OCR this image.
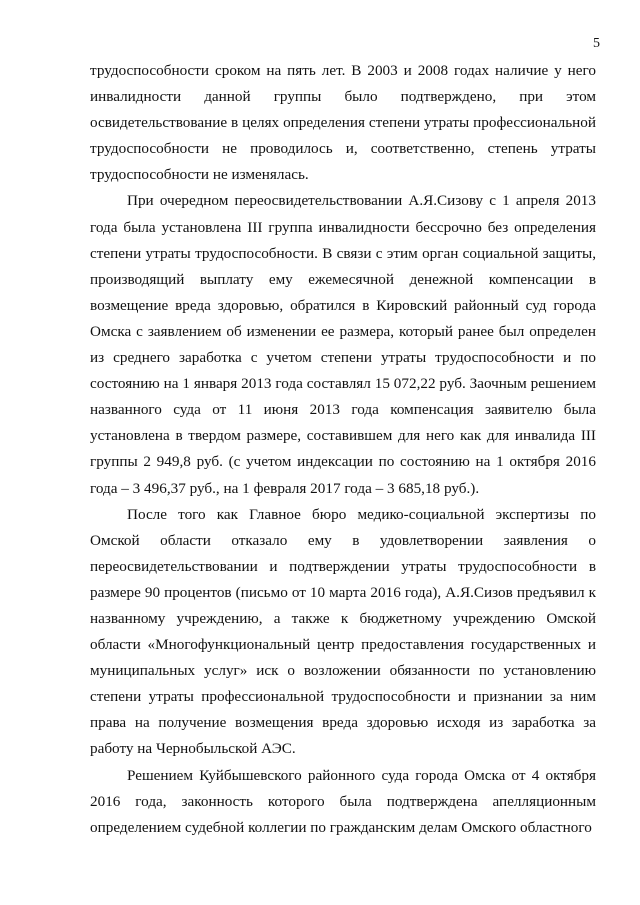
5

трудоспособности сроком на пять лет. В 2003 и 2008 годах наличие у него инвалидности данной группы было подтверждено, при этом освидетельствование в целях определения степени утраты профессиональной трудоспособности не проводилось и, соответственно, степень утраты трудоспособности не изменялась.

При очередном переосвидетельствовании А.Я.Сизову с 1 апреля 2013 года была установлена III группа инвалидности бессрочно без определения степени утраты трудоспособности. В связи с этим орган социальной защиты, производящий выплату ему ежемесячной денежной компенсации в возмещение вреда здоровью, обратился в Кировский районный суд города Омска с заявлением об изменении ее размера, который ранее был определен из среднего заработка с учетом степени утраты трудоспособности и по состоянию на 1 января 2013 года составлял 15 072,22 руб. Заочным решением названного суда от 11 июня 2013 года компенсация заявителю была установлена в твердом размере, составившем для него как для инвалида III группы 2 949,8 руб. (с учетом индексации по состоянию на 1 октября 2016 года – 3 496,37 руб., на 1 февраля 2017 года – 3 685,18 руб.).

После того как Главное бюро медико-социальной экспертизы по Омской области отказало ему в удовлетворении заявления о переосвидетельствовании и подтверждении утраты трудоспособности в размере 90 процентов (письмо от 10 марта 2016 года), А.Я.Сизов предъявил к названному учреждению, а также к бюджетному учреждению Омской области «Многофункциональный центр предоставления государственных и муниципальных услуг» иск о возложении обязанности по установлению степени утраты профессиональной трудоспособности и признании за ним права на получение возмещения вреда здоровью исходя из заработка за работу на Чернобыльской АЭС.

Решением Куйбышевского районного суда города Омска от 4 октября 2016 года, законность которого была подтверждена апелляционным определением судебной коллегии по гражданским делам Омского областного
